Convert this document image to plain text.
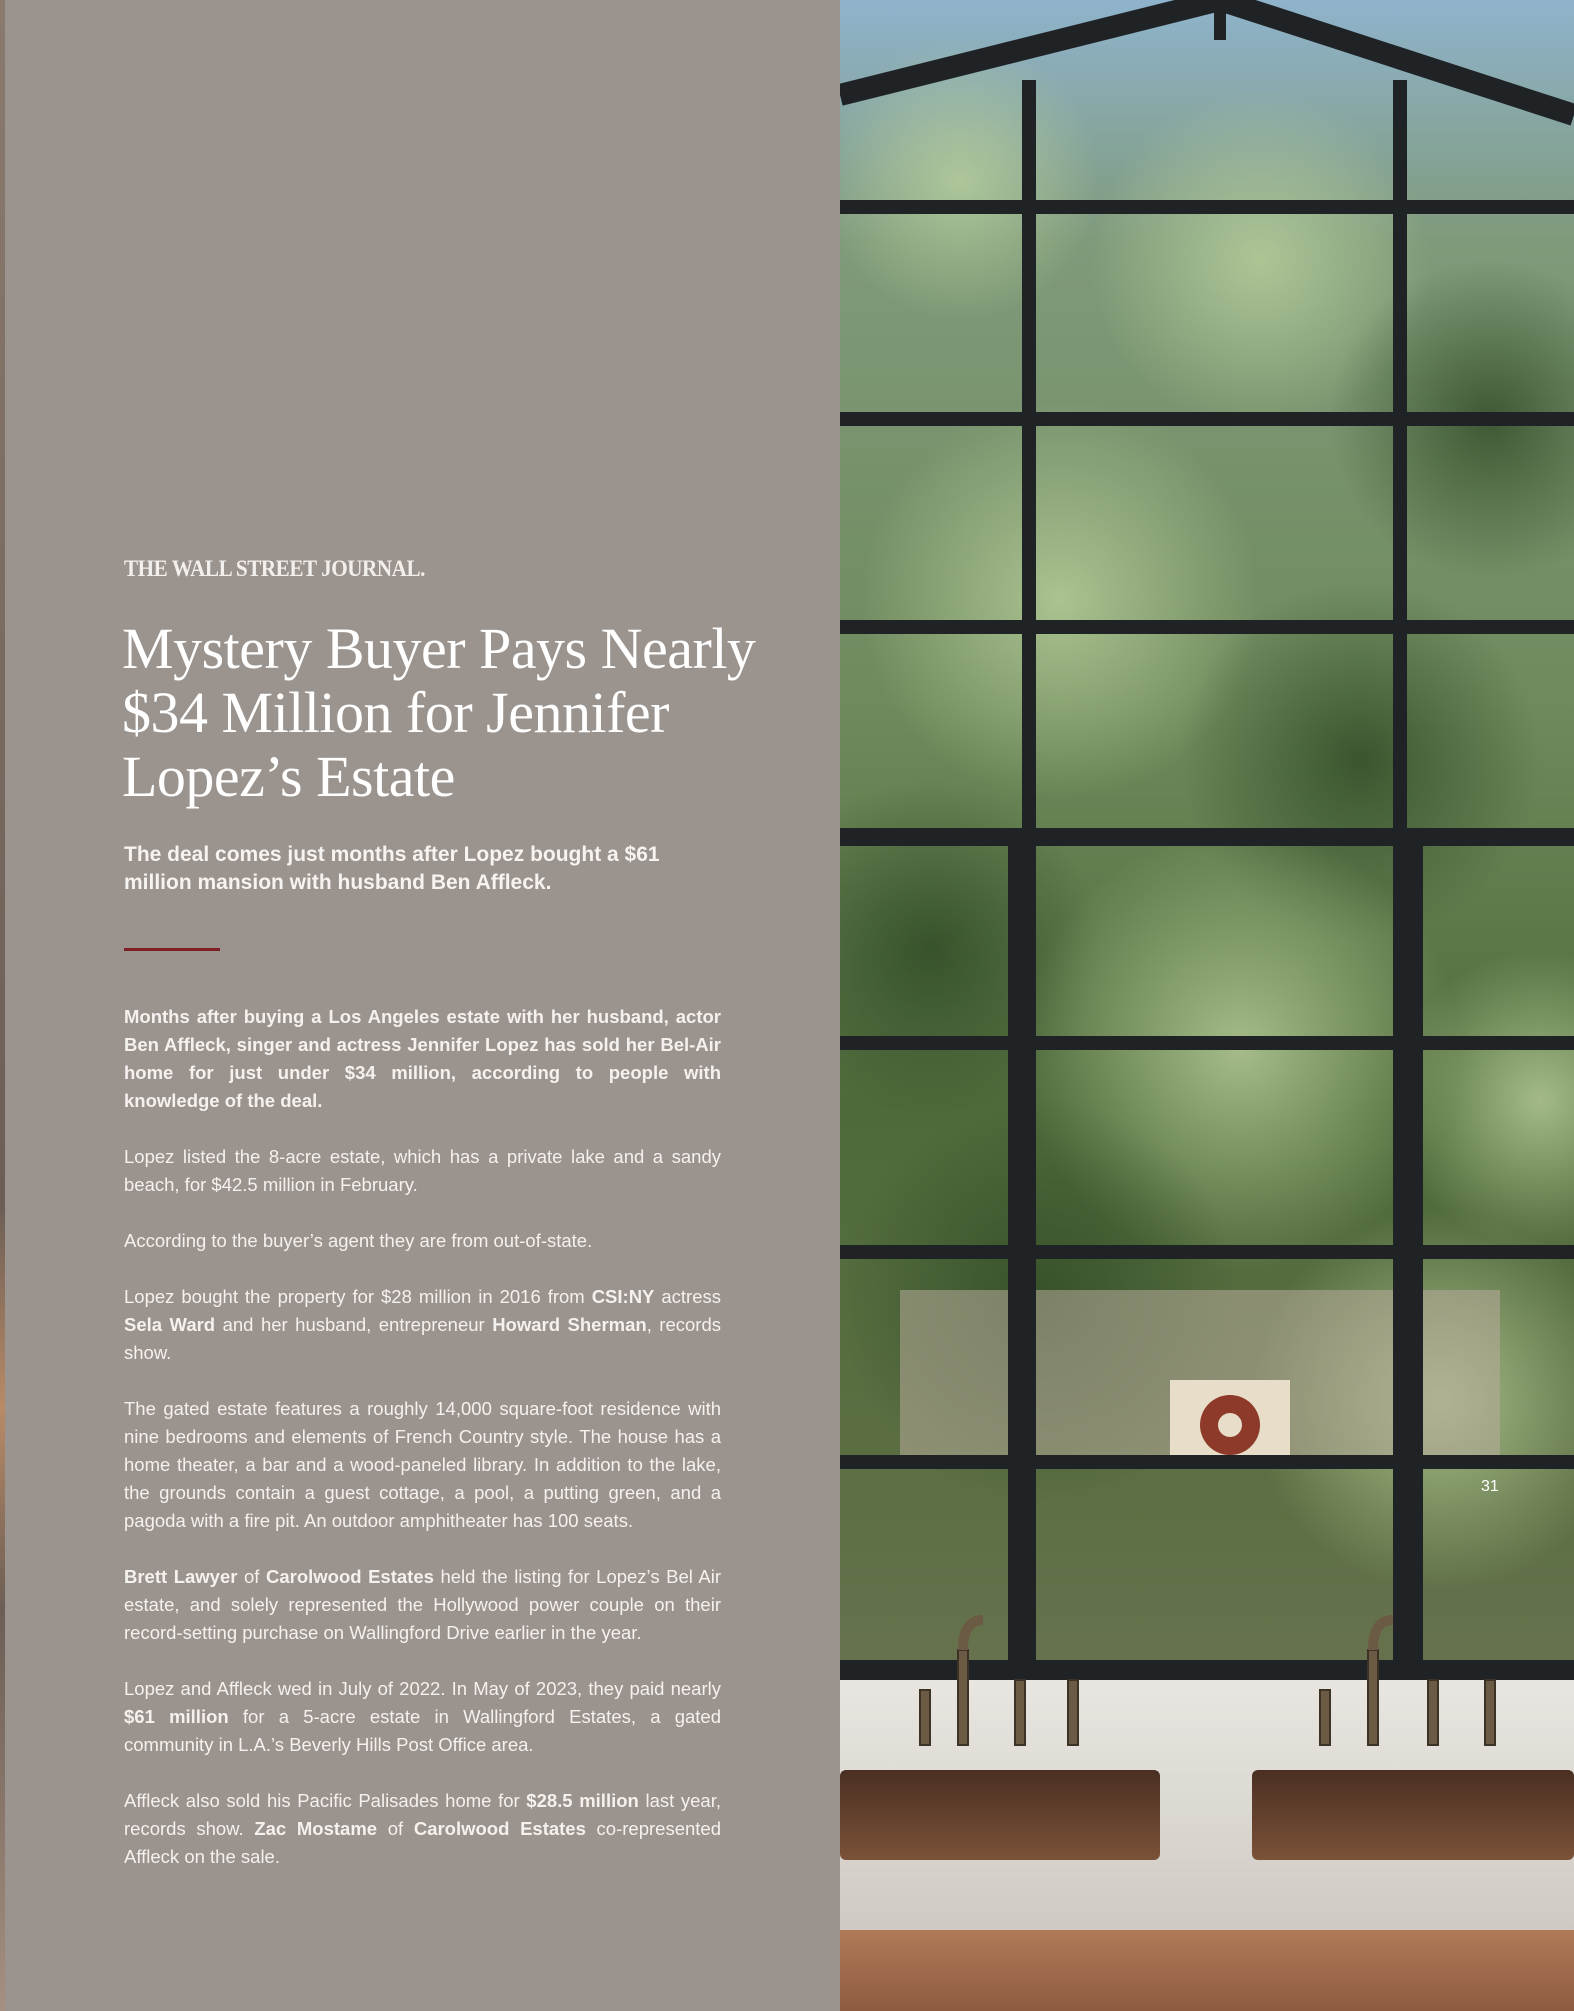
THE WALL STREET JOURNAL.
Mystery Buyer Pays Nearly $34 Million for Jennifer Lopez’s Estate

The deal comes just months after Lopez bought a $61 million mansion with husband Ben Affleck.

Months after buying a Los Angeles estate with her husband, actor Ben Affleck, singer and actress Jennifer Lopez has sold her Bel-Air home for just under $34 million, according to people with knowledge of the deal.

Lopez listed the 8-acre estate, which has a private lake and a sandy beach, for $42.5 million in February.

According to the buyer’s agent they are from out-of-state.

Lopez bought the property for $28 million in 2016 from CSI:NY actress Sela Ward and her husband, entrepreneur Howard Sherman, records show.

The gated estate features a roughly 14,000 square-foot residence with nine bedrooms and elements of French Country style. The house has a home theater, a bar and a wood-paneled library. In addition to the lake, the grounds contain a guest cottage, a pool, a putting green, and a pagoda with a fire pit. An outdoor amphitheater has 100 seats.

Brett Lawyer of Carolwood Estates held the listing for Lopez’s Bel Air estate, and solely represented the Hollywood power couple on their record-setting purchase on Wallingford Drive earlier in the year.

Lopez and Affleck wed in July of 2022. In May of 2023, they paid nearly $61 million for a 5-acre estate in Wallingford Estates, a gated community in L.A.’s Beverly Hills Post Office area.

Affleck also sold his Pacific Palisades home for $28.5 million last year, records show. Zac Mostame of Carolwood Estates co-represented Affleck on the sale.

31
